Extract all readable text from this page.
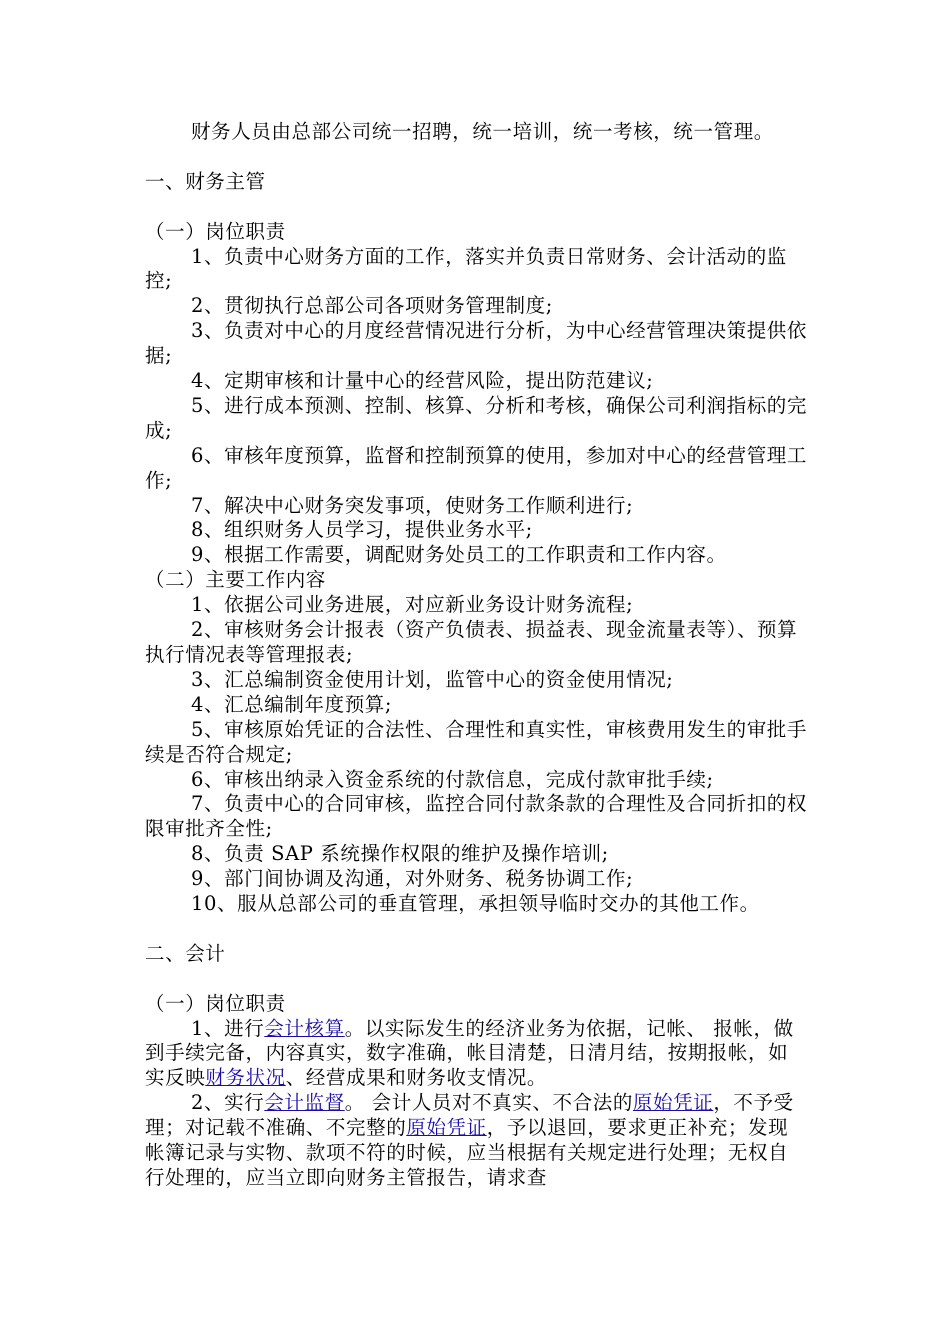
财务人员由总部公司统一招聘，统一培训，统一考核，统一管理。

一、财务主管

（一）岗位职责

1、负责中心财务方面的工作，落实并负责日常财务、会计活动的监控;

2、贯彻执行总部公司各项财务管理制度;

3、负责对中心的月度经营情况进行分析，为中心经营管理决策提供依据;

4、定期审核和计量中心的经营风险，提出防范建议;

5、进行成本预测、控制、核算、分析和考核，确保公司利润指标的完成;

6、审核年度预算，监督和控制预算的使用，参加对中心的经营管理工作;

7、解决中心财务突发事项，使财务工作顺利进行;

8、组织财务人员学习，提供业务水平;

9、根据工作需要，调配财务处员工的工作职责和工作内容。

（二）主要工作内容

1、依据公司业务进展，对应新业务设计财务流程;

2、审核财务会计报表（资产负债表、损益表、现金流量表等）、预算执行情况表等管理报表;

3、汇总编制资金使用计划，监管中心的资金使用情况;

4、汇总编制年度预算;

5、审核原始凭证的合法性、合理性和真实性，审核费用发生的审批手续是否符合规定;

6、审核出纳录入资金系统的付款信息，完成付款审批手续;

7、负责中心的合同审核，监控合同付款条款的合理性及合同折扣的权限审批齐全性;

8、负责 SAP 系统操作权限的维护及操作培训;

9、部门间协调及沟通，对外财务、税务协调工作;

10、服从总部公司的垂直管理，承担领导临时交办的其他工作。

二、会计

（一）岗位职责

1、进行会计核算。以实际发生的经济业务为依据，记帐、 报帐，做到手续完备，内容真实，数字准确，帐目清楚，日清月结，按期报帐，如实反映财务状况、经营成果和财务收支情况。

2、实行会计监督。 会计人员对不真实、不合法的原始凭证，不予受理；对记载不准确、不完整的原始凭证，予以退回，要求更正补充；发现帐簿记录与实物、款项不符的时候，应当根据有关规定进行处理；无权自行处理的，应当立即向财务主管报告，请求查
